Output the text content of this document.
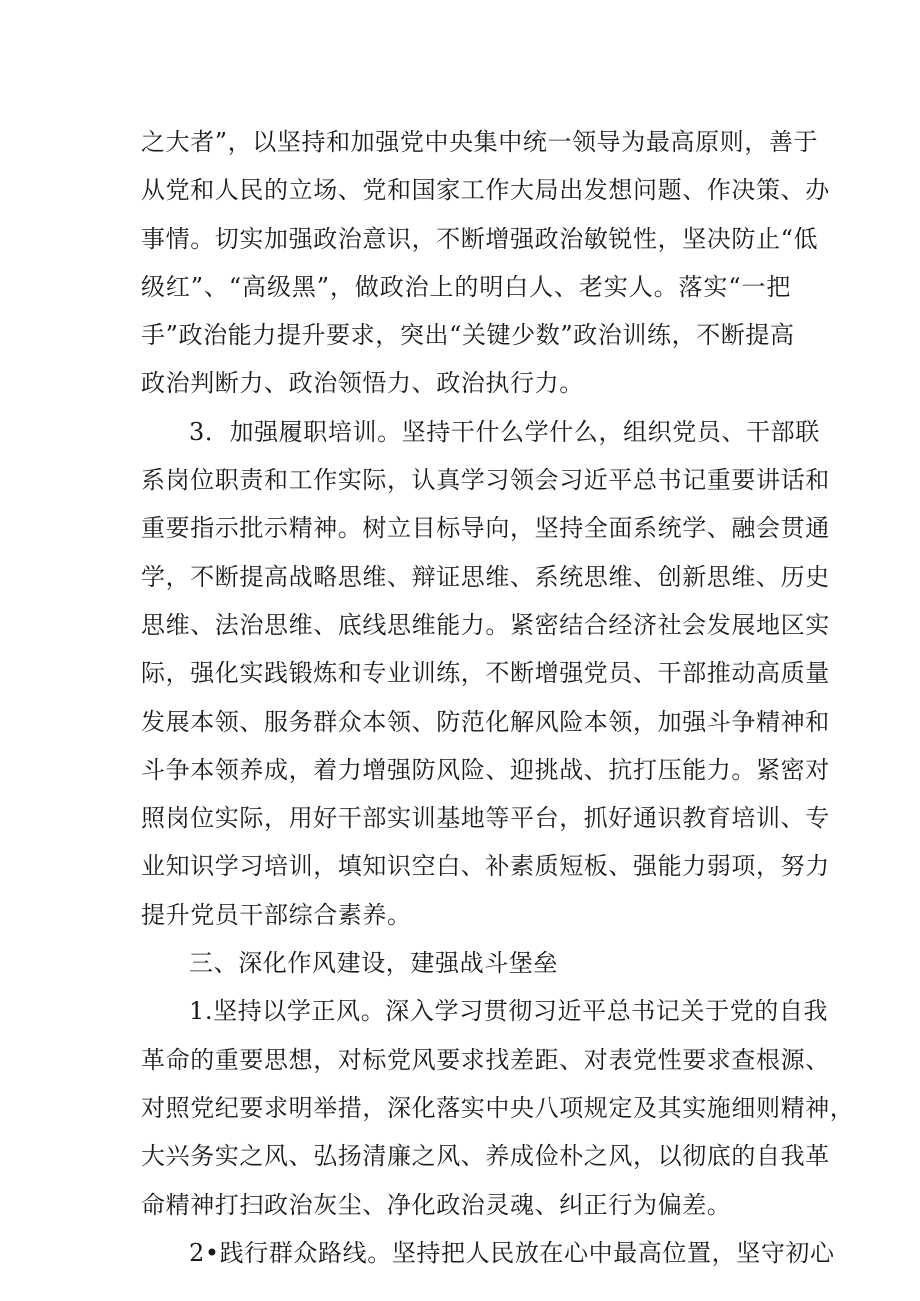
之大者”，以坚持和加强党中央集中统一领导为最高原则，善于
从党和人民的立场、党和国家工作大局出发想问题、作决策、办
事情。切实加强政治意识，不断增强政治敏锐性，坚决防止“低
级红”、“高级黑”，做政治上的明白人、老实人。落实“一把
手”政治能力提升要求，突出“关键少数”政治训练，不断提高
政治判断力、政治领悟力、政治执行力。
3．加强履职培训。坚持干什么学什么，组织党员、干部联
系岗位职责和工作实际，认真学习领会习近平总书记重要讲话和
重要指示批示精神。树立目标导向，坚持全面系统学、融会贯通
学，不断提高战略思维、辩证思维、系统思维、创新思维、历史
思维、法治思维、底线思维能力。紧密结合经济社会发展地区实
际，强化实践锻炼和专业训练，不断增强党员、干部推动高质量
发展本领、服务群众本领、防范化解风险本领，加强斗争精神和
斗争本领养成，着力增强防风险、迎挑战、抗打压能力。紧密对
照岗位实际，用好干部实训基地等平台，抓好通识教育培训、专
业知识学习培训，填知识空白、补素质短板、强能力弱项，努力
提升党员干部综合素养。
三、深化作风建设，建强战斗堡垒
1.坚持以学正风。深入学习贯彻习近平总书记关于党的自我
革命的重要思想，对标党风要求找差距、对表党性要求查根源、
对照党纪要求明举措，深化落实中央八项规定及其实施细则精神，
大兴务实之风、弘扬清廉之风、养成俭朴之风，以彻底的自我革
命精神打扫政治灰尘、净化政治灵魂、纠正行为偏差。
2•践行群众路线。坚持把人民放在心中最高位置，坚守初心
